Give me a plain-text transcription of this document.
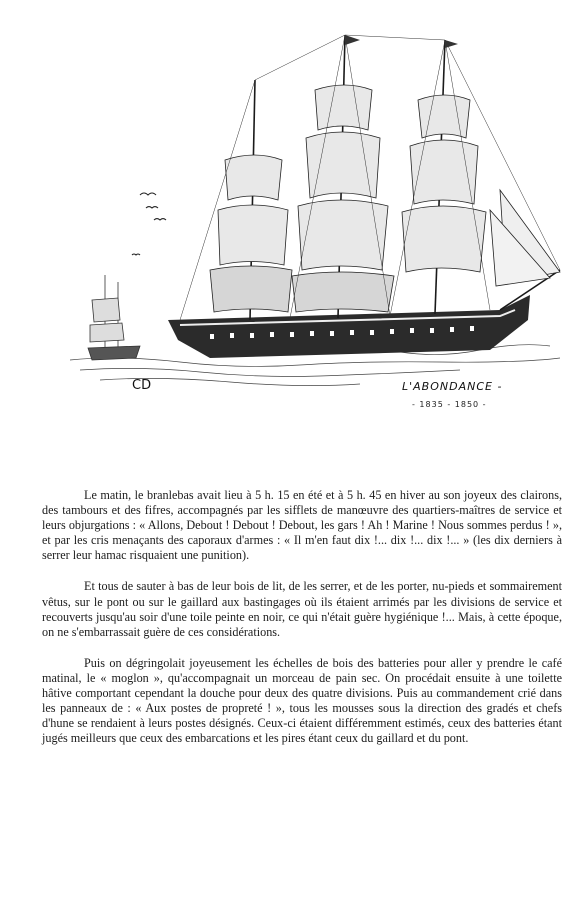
CD	L'ABONDANCE -
- 1835 - 1850 -

Le matin, le branlebas avait lieu à 5 h. 15 en été et à 5 h. 45 en hiver au son joyeux des clairons, des tambours et des fifres, accompagnés par les sifflets de manœuvre des quartiers-maîtres de service et leurs objurgations : « Allons, Debout ! Debout ! Debout, les gars ! Ah ! Marine ! Nous sommes perdus ! », et par les cris menaçants des caporaux d'armes : « Il m'en faut dix !... dix !... dix !... » (les dix derniers à serrer leur hamac risquaient une punition).

Et tous de sauter à bas de leur bois de lit, de les serrer, et de les porter, nu-pieds et sommairement vêtus, sur le pont ou sur le gaillard aux bastingages où ils étaient arrimés par les divisions de service et recouverts jusqu'au soir d'une toile peinte en noir, ce qui n'était guère hygiénique !... Mais, à cette époque, on ne s'embarrassait guère de ces considérations.

Puis on dégringolait joyeusement les échelles de bois des batteries pour aller y prendre le café matinal, le « moglon », qu'accompagnait un morceau de pain sec. On procédait ensuite à une toilette hâtive comportant cependant la douche pour deux des quatre divisions. Puis au commandement crié dans les panneaux de : « Aux postes de propreté ! », tous les mousses sous la direction des gradés et chefs d'hune se rendaient à leurs postes désignés. Ceux-ci étaient différemment estimés, ceux des batteries étant jugés meilleurs que ceux des embarcations et les pires étant ceux du gaillard et du pont.
